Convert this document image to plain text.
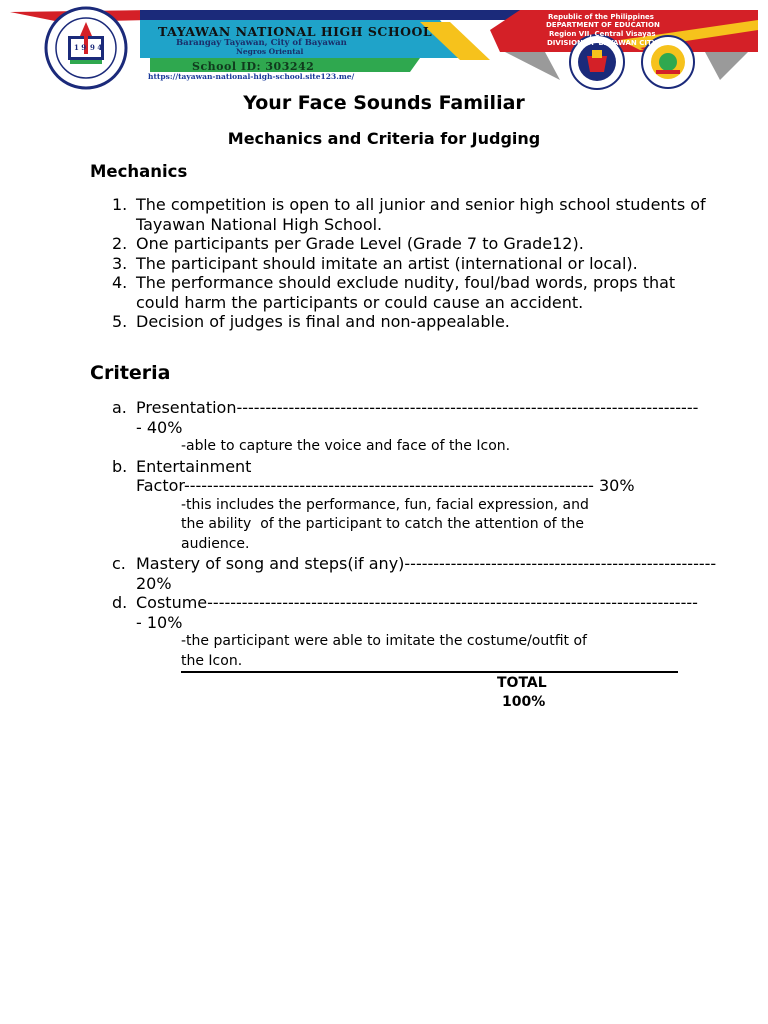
1 9 9 4
TAYAWAN NATIONAL HIGH SCHOOL
Barangay Tayawan, City of Bayawan
Negros Oriental
School ID: 303242
https://tayawan-national-high-school.site123.me/
Republic of the Philippines
DEPARTMENT OF EDUCATION
Region VII, Central Visayas
DIVISION OF BAYAWAN CITY
Your Face Sounds Familiar
Mechanics and Criteria for Judging
Mechanics
1. The competition is open to all junior and senior high school students of
Tayawan National High School.
2. One participants per Grade Level (Grade 7 to Grade12).
3. The participant should imitate an artist (international or local).
4. The performance should exclude nudity, foul/bad words, props that
could harm the participants or could cause an accident.
5. Decision of judges is final and non-appealable.
Criteria
a. Presentation--------------------------------------------------------------------------------
- 40%
-able to capture the voice and face of the Icon.
b. Entertainment
Factor----------------------------------------------------------------------- 30%
-this includes the performance, fun, facial expression, and
the ability  of the participant to catch the attention of the
audience.
c. Mastery of song and steps(if any)------------------------------------------------------
20%
d. Costume-------------------------------------------------------------------------------------
- 10%
-the participant were able to imitate the costume/outfit of
the Icon.
TOTAL
100%
